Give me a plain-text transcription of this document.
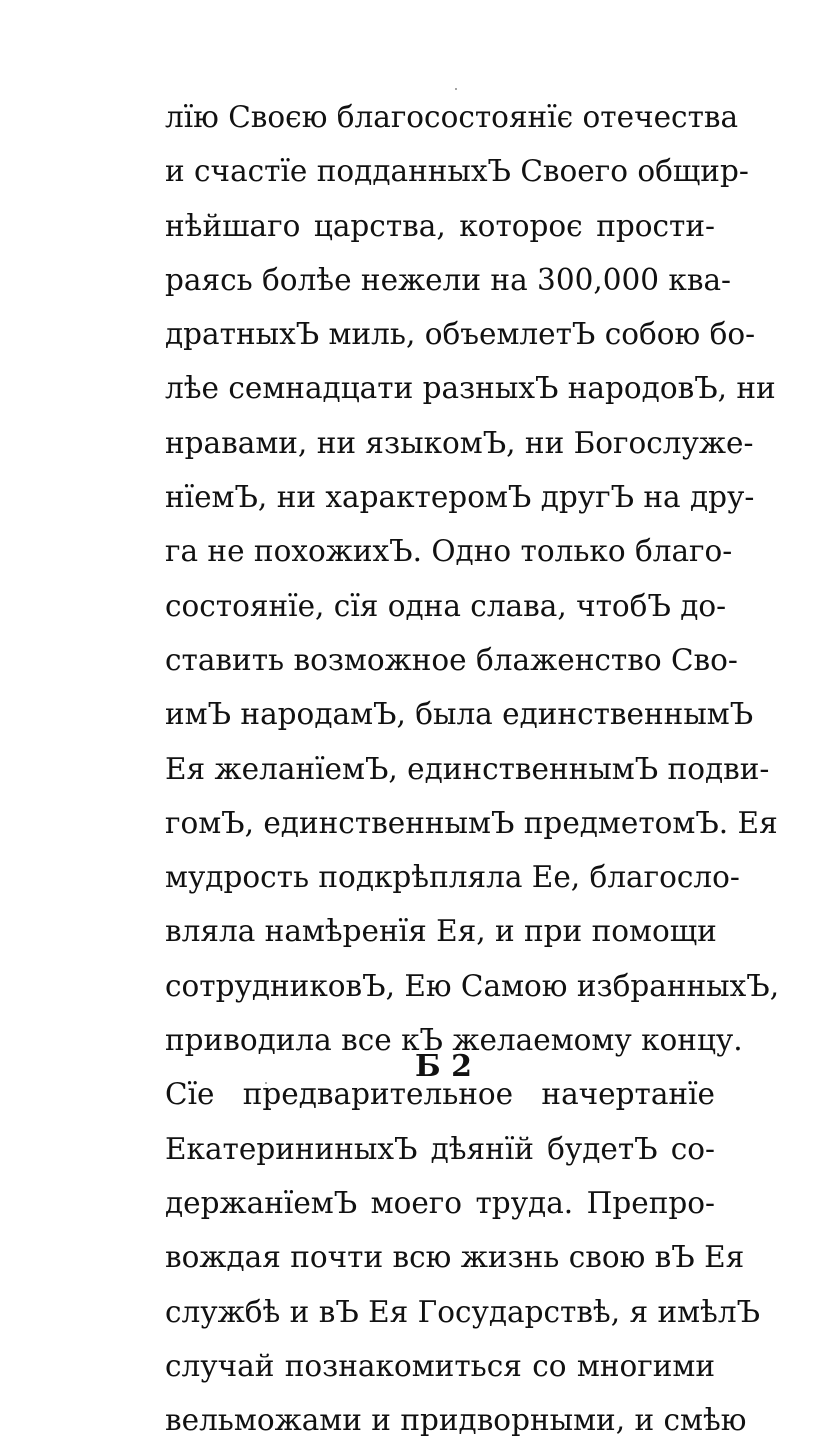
лїю Своєю благосостоянїє отечества
и счастїе подданныхЪ Своего общир-
нѣйшаго царства, котороє прости-
раясь болѣе нежели на 300,000 ква-
дратныхЪ миль, объемлетЪ собою бо-
лѣе семнадцати разныхЪ народовЪ, ни
нравами, ни языкомЪ, ни Богослуже-
нїемЪ, ни характеромЪ другЪ на дру-
га не похожихЪ. Одно только благо-
состоянїе, сїя одна слава, чтобЪ до-
ставить возможное блаженство Сво-
имЪ народамЪ, была единственнымЪ
Ея желанїемЪ, единственнымЪ подви-
гомЪ, единственнымЪ предметомЪ. Ея
мудрость подкрѣпляла Ее, благосло-
вляла намѣренїя Ея, и при помощи
сотрудниковЪ, Ею Самою избранныхЪ,
приводила все кЪ желаемому концу.
Сїе предварительное начертанїе
ЕкатерининыхЪ дѣянїй будетЪ со-
держанїемЪ моего труда. Препро-
вождая почти всю жизнь свою вЪ Ея
службѣ и вЪ Ея Государствѣ, я имѣлЪ
случай познакомиться со многими
вельможами и придворными, и смѣю
Б 2
